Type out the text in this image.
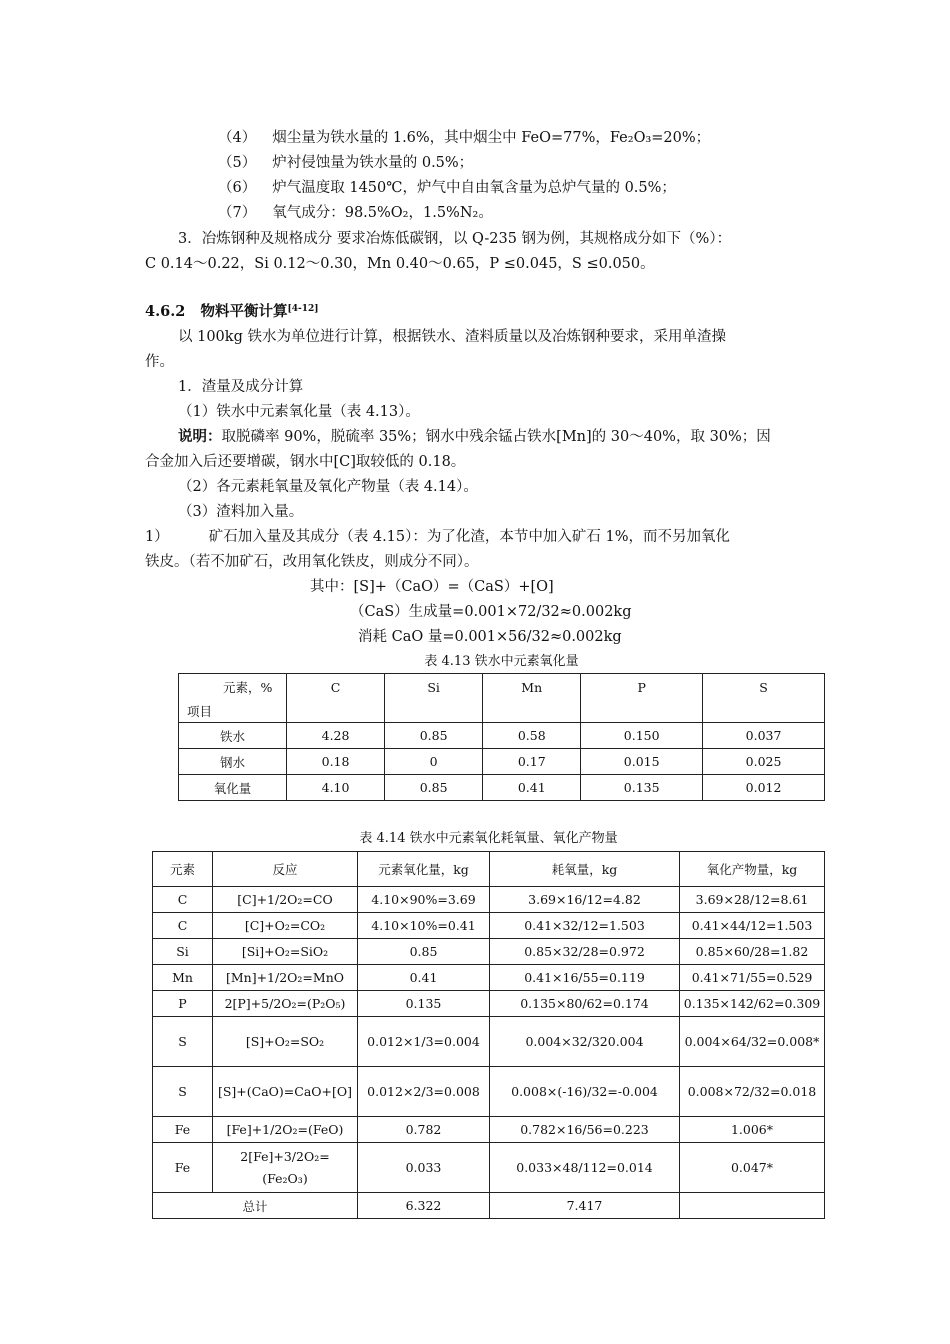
（4） 烟尘量为铁水量的 1.6%，其中烟尘中 FeO=77%，Fe₂O₃=20%；
（5） 炉衬侵蚀量为铁水量的 0.5%；
（6） 炉气温度取 1450℃，炉气中自由氧含量为总炉气量的 0.5%；
（7） 氧气成分：98.5%O₂，1.5%N₂。
3．冶炼钢种及规格成分 要求冶炼低碳钢，以 Q-235 钢为例，其规格成分如下（%）：
C 0.14～0.22，Si 0.12～0.30，Mn 0.40～0.65，P ≤0.045，S ≤0.050。
4.6.2 物料平衡计算[4-12]
以 100kg 铁水为单位进行计算，根据铁水、渣料质量以及冶炼钢种要求，采用单渣操
作。
1．渣量及成分计算
（1）铁水中元素氧化量（表 4.13）。
说明：取脱磷率 90%，脱硫率 35%；钢水中残余锰占铁水[Mn]的 30～40%，取 30%；因
合金加入后还要增碳，钢水中[C]取较低的 0.18。
（2）各元素耗氧量及氧化产物量（表 4.14）。
（3）渣料加入量。
1）	矿石加入量及其成分（表 4.15）：为了化渣，本节中加入矿石 1%，而不另加氧化
铁皮。（若不加矿石，改用氧化铁皮，则成分不同）。
其中：[S]+（CaO）=（CaS）+[O]
（CaS）生成量=0.001×72/32≈0.002kg
消耗 CaO 量=0.001×56/32≈0.002kg
表 4.13 铁水中元素氧化量
元素，%
项目	C	Si	Mn	P	S
铁水	4.28	0.85	0.58	0.150	0.037
钢水	0.18	0	0.17	0.015	0.025
氧化量	4.10	0.85	0.41	0.135	0.012
表 4.14 铁水中元素氧化耗氧量、氧化产物量
元素	反应	元素氧化量，kg	耗氧量，kg	氧化产物量，kg
C	[C]+1/2O₂=CO	4.10×90%=3.69	3.69×16/12=4.82	3.69×28/12=8.61
C	[C]+O₂=CO₂	4.10×10%=0.41	0.41×32/12=1.503	0.41×44/12=1.503
Si	[Si]+O₂=SiO₂	0.85	0.85×32/28=0.972	0.85×60/28=1.82
Mn	[Mn]+1/2O₂=MnO	0.41	0.41×16/55=0.119	0.41×71/55=0.529
P	2[P]+5/2O₂=(P₂O₅)	0.135	0.135×80/62=0.174	0.135×142/62=0.309
S	[S]+O₂=SO₂	0.012×1/3=0.004	0.004×32/320.004	0.004×64/32=0.008*
S	[S]+(CaO)=CaO+[O]	0.012×2/3=0.008	0.008×(-16)/32=-0.004	0.008×72/32=0.018
Fe	[Fe]+1/2O₂=(FeO)	0.782	0.782×16/56=0.223	1.006*
Fe	2[Fe]+3/2O₂=(Fe₂O₃)	0.033	0.033×48/112=0.014	0.047*
总计		6.322	7.417	
